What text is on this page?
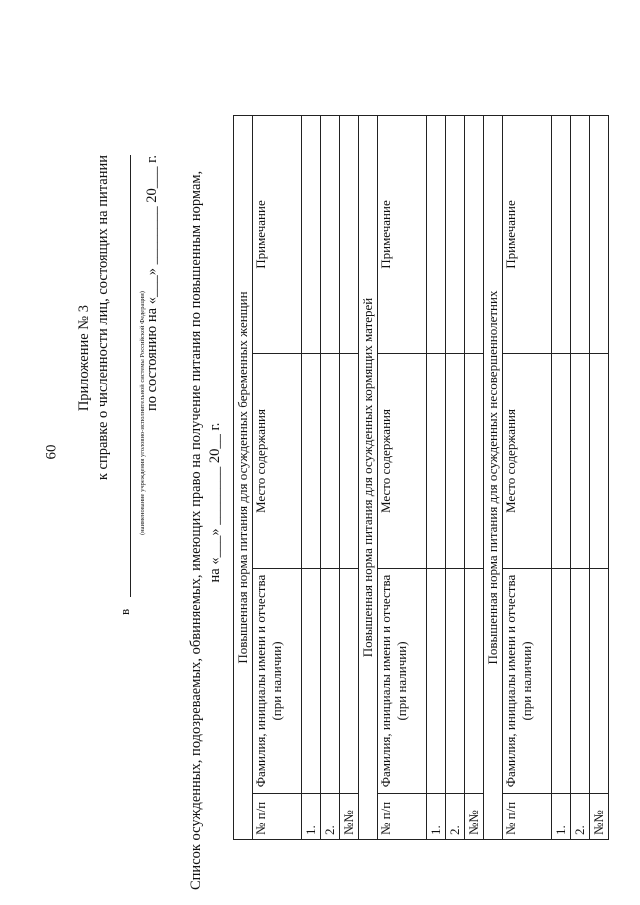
60
Приложение № 3 к справке о численности лиц, состоящих на питании
в
(наименование учреждения уголовно-исполнительной системы Российской Федерации)
по состоянию на «___» ________ 20___ г. Список осужденных, подозреваемых, обвиняемых, имеющих право на получение питания по повышенным нормам, на «___» ________ 20__ г. Повышенная норма питания для осужденных беременных женщин			
№ п/п	Фамилия, инициалы имени и отчества (при наличии)	Место содержания	Примечание
1.			
2.			
№№			
Повышенная норма питания для осужденных кормящих матерей			
№ п/п	Фамилия, инициалы имени и отчества (при наличии)	Место содержания	Примечание
1.			
2.			
№№			
Повышенная норма питания для осужденных несовершеннолетних			
№ п/п	Фамилия, инициалы имени и отчества (при наличии)	Место содержания	Примечание
1.			
2.			
№№			
